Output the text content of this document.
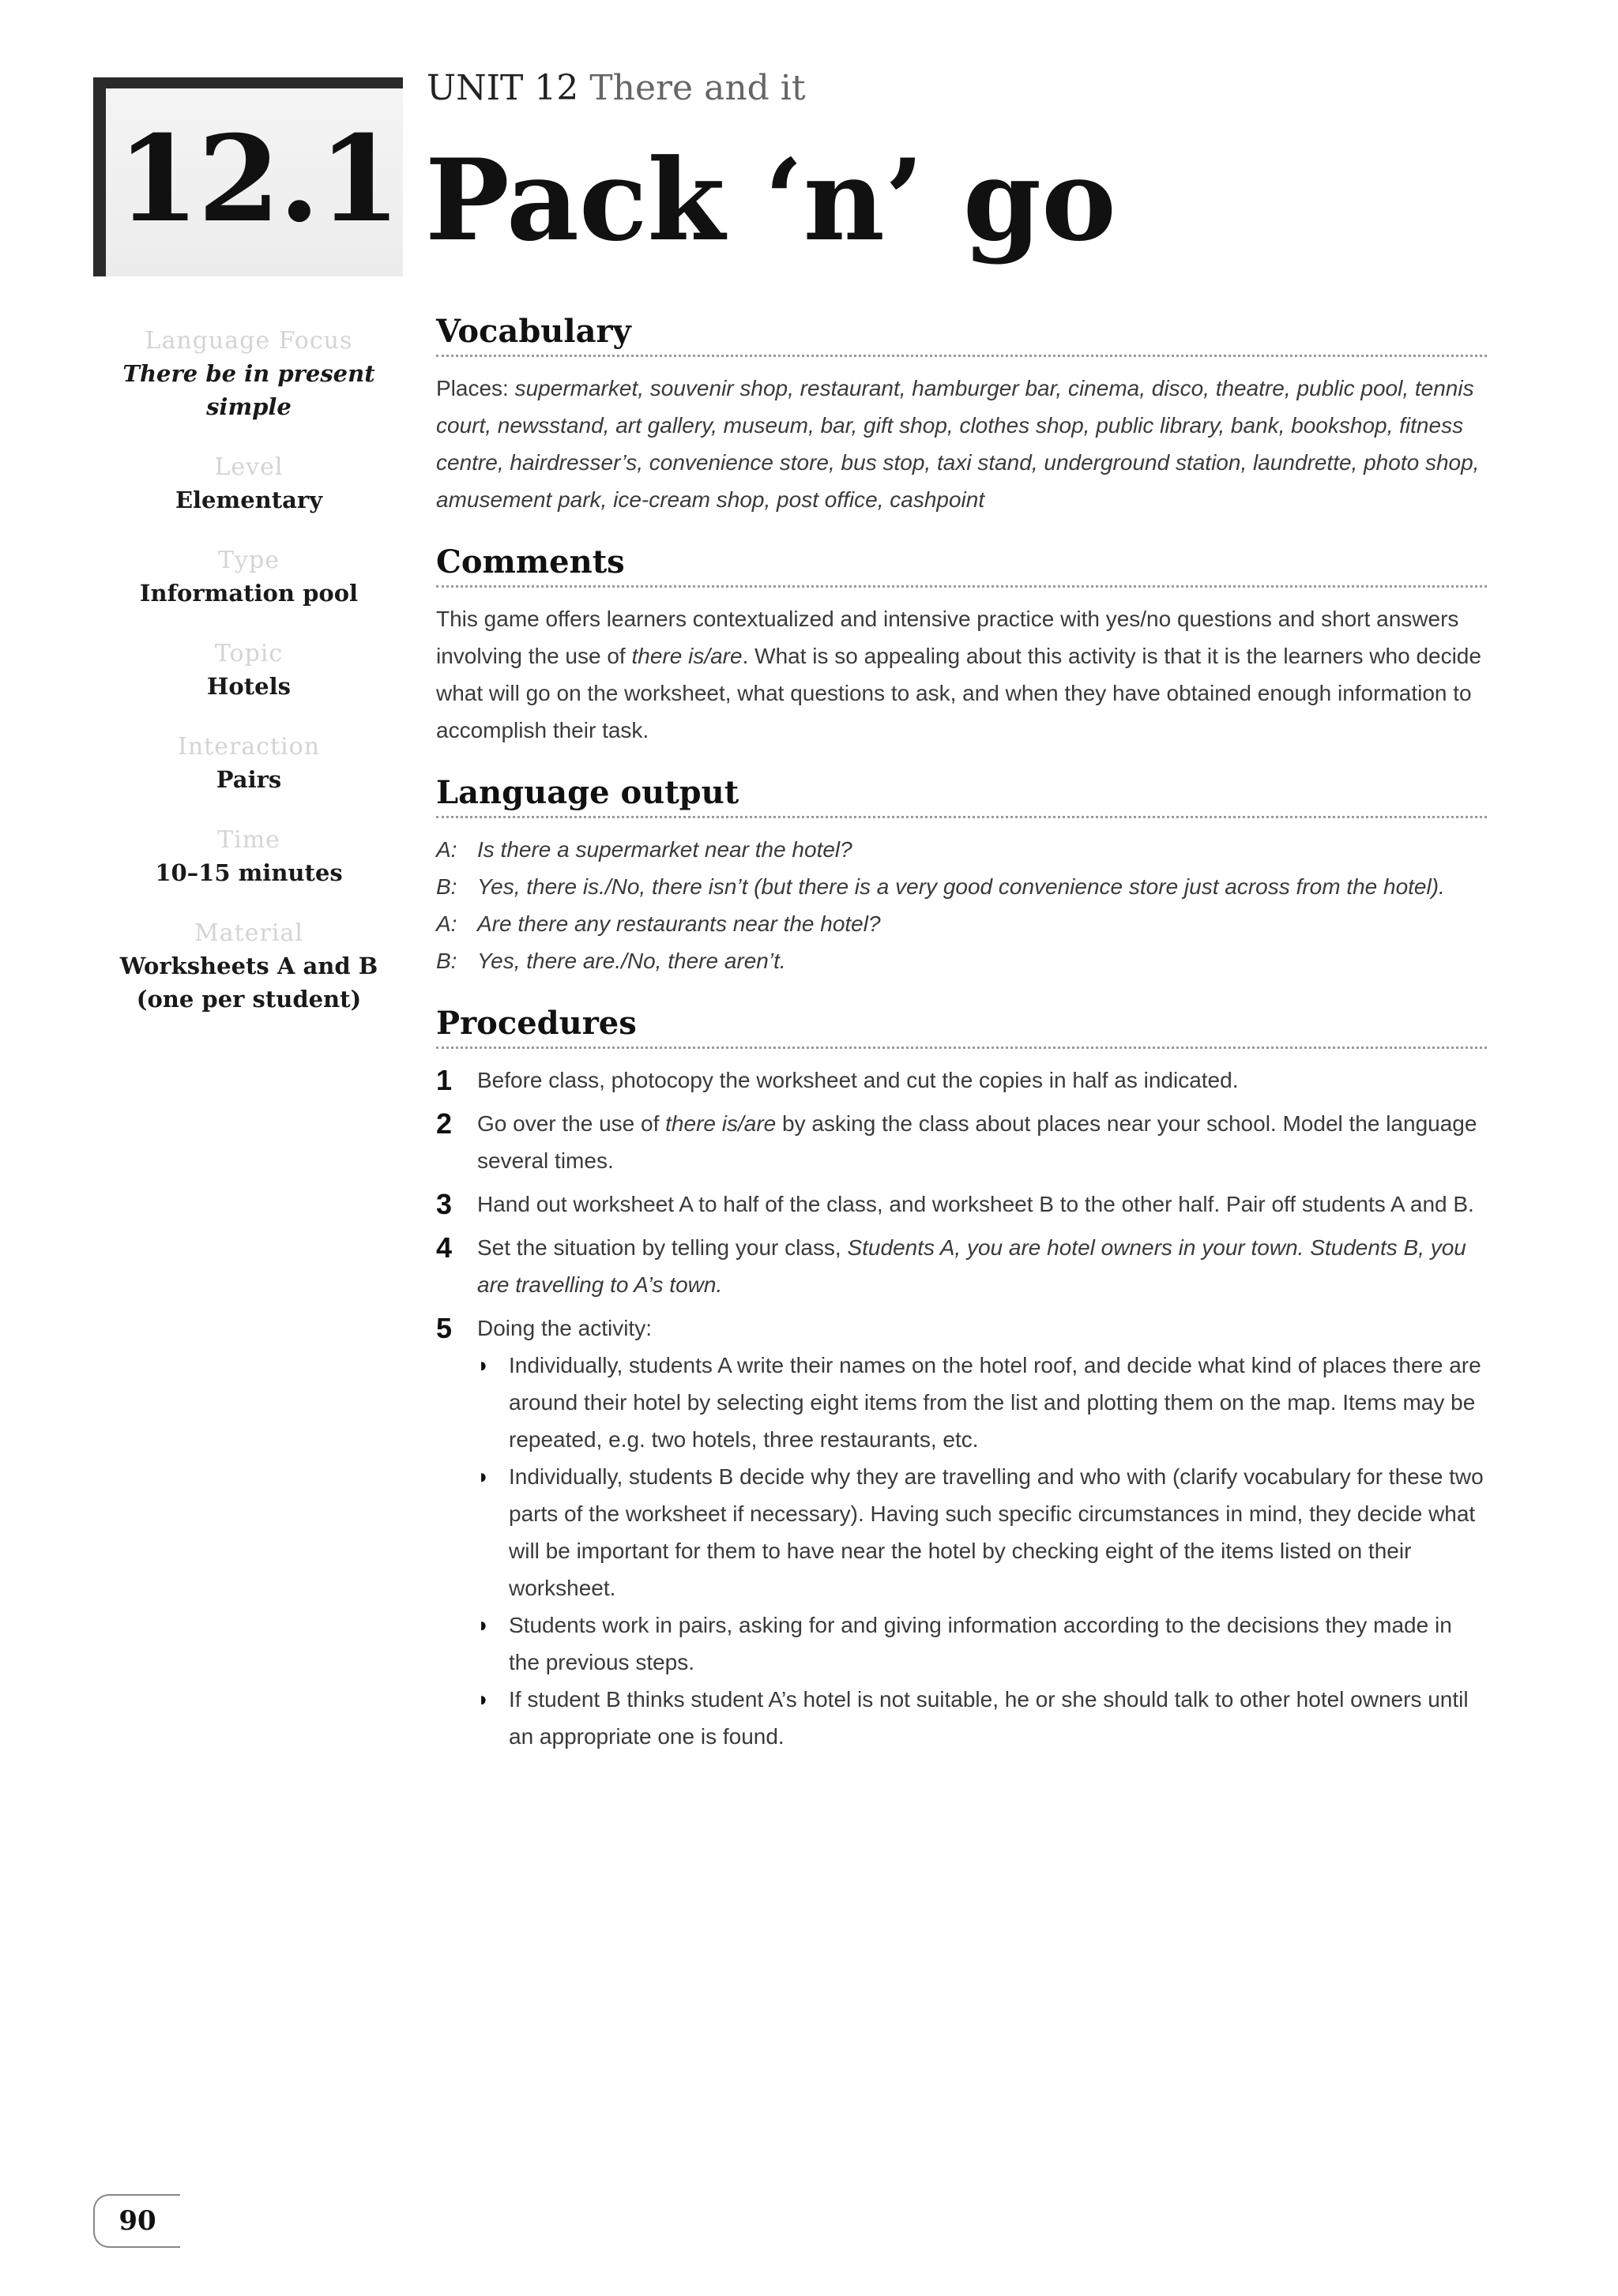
12.1
UNIT 12 There and it
Pack ‘n’ go
Language Focus
There be in present simple
Level
Elementary
Type
Information pool
Topic
Hotels
Interaction
Pairs
Time
10–15 minutes
Material
Worksheets A and B (one per student)
Vocabulary
Places: supermarket, souvenir shop, restaurant, hamburger bar, cinema, disco, theatre, public pool, tennis court, newsstand, art gallery, museum, bar, gift shop, clothes shop, public library, bank, bookshop, fitness centre, hairdresser’s, convenience store, bus stop, taxi stand, underground station, laundrette, photo shop, amusement park, ice-cream shop, post office, cashpoint
Comments
This game offers learners contextualized and intensive practice with yes/no questions and short answers involving the use of there is/are. What is so appealing about this activity is that it is the learners who decide what will go on the worksheet, what questions to ask, and when they have obtained enough information to accomplish their task.
Language output
A: Is there a supermarket near the hotel?
B: Yes, there is./No, there isn’t (but there is a very good convenience store just across from the hotel).
A: Are there any restaurants near the hotel?
B: Yes, there are./No, there aren’t.
Procedures
1	Before class, photocopy the worksheet and cut the copies in half as indicated.
2	Go over the use of there is/are by asking the class about places near your school. Model the language several times.
3	Hand out worksheet A to half of the class, and worksheet B to the other half. Pair off students A and B.
4	Set the situation by telling your class, Students A, you are hotel owners in your town. Students B, you are travelling to A’s town.
5	Doing the activity:
◗ Individually, students A write their names on the hotel roof, and decide what kind of places there are around their hotel by selecting eight items from the list and plotting them on the map. Items may be repeated, e.g. two hotels, three restaurants, etc.
◗ Individually, students B decide why they are travelling and who with (clarify vocabulary for these two parts of the worksheet if necessary). Having such specific circumstances in mind, they decide what will be important for them to have near the hotel by checking eight of the items listed on their worksheet.
◗ Students work in pairs, asking for and giving information according to the decisions they made in the previous steps.
◗ If student B thinks student A’s hotel is not suitable, he or she should talk to other hotel owners until an appropriate one is found.
90
